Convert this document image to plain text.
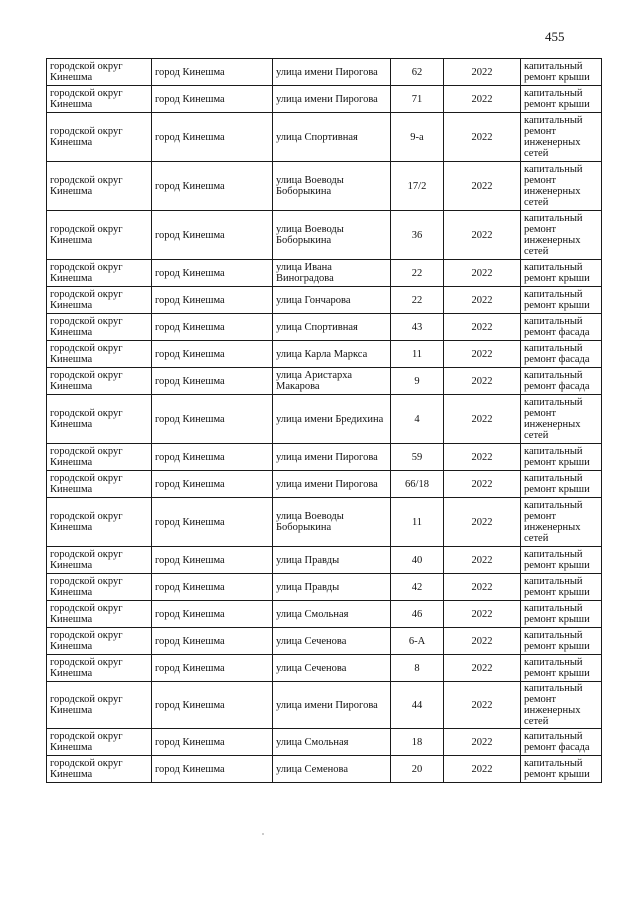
455
городской округ Кинешма	город Кинешма	улица имени Пирогова	62	2022	капитальный ремонт крыши
городской округ Кинешма	город Кинешма	улица имени Пирогова	71	2022	капитальный ремонт крыши
городской округ Кинешма	город Кинешма	улица Спортивная	9-а	2022	капитальный ремонт инженерных сетей
городской округ Кинешма	город Кинешма	улица Воеводы Боборыкина	17/2	2022	капитальный ремонт инженерных сетей
городской округ Кинешма	город Кинешма	улица Воеводы Боборыкина	36	2022	капитальный ремонт инженерных сетей
городской округ Кинешма	город Кинешма	улица Ивана Виноградова	22	2022	капитальный ремонт крыши
городской округ Кинешма	город Кинешма	улица Гончарова	22	2022	капитальный ремонт крыши
городской округ Кинешма	город Кинешма	улица Спортивная	43	2022	капитальный ремонт фасада
городской округ Кинешма	город Кинешма	улица Карла Маркса	11	2022	капитальный ремонт фасада
городской округ Кинешма	город Кинешма	улица Аристарха Макарова	9	2022	капитальный ремонт фасада
городской округ Кинешма	город Кинешма	улица имени Бредихина	4	2022	капитальный ремонт инженерных сетей
городской округ Кинешма	город Кинешма	улица имени Пирогова	59	2022	капитальный ремонт крыши
городской округ Кинешма	город Кинешма	улица имени Пирогова	66/18	2022	капитальный ремонт крыши
городской округ Кинешма	город Кинешма	улица Воеводы Боборыкина	11	2022	капитальный ремонт инженерных сетей
городской округ Кинешма	город Кинешма	улица Правды	40	2022	капитальный ремонт крыши
городской округ Кинешма	город Кинешма	улица Правды	42	2022	капитальный ремонт крыши
городской округ Кинешма	город Кинешма	улица Смольная	46	2022	капитальный ремонт крыши
городской округ Кинешма	город Кинешма	улица Сеченова	6-А	2022	капитальный ремонт крыши
городской округ Кинешма	город Кинешма	улица Сеченова	8	2022	капитальный ремонт крыши
городской округ Кинешма	город Кинешма	улица имени Пирогова	44	2022	капитальный ремонт инженерных сетей
городской округ Кинешма	город Кинешма	улица Смольная	18	2022	капитальный ремонт фасада
городской округ Кинешма	город Кинешма	улица Семенова	20	2022	капитальный ремонт крыши
